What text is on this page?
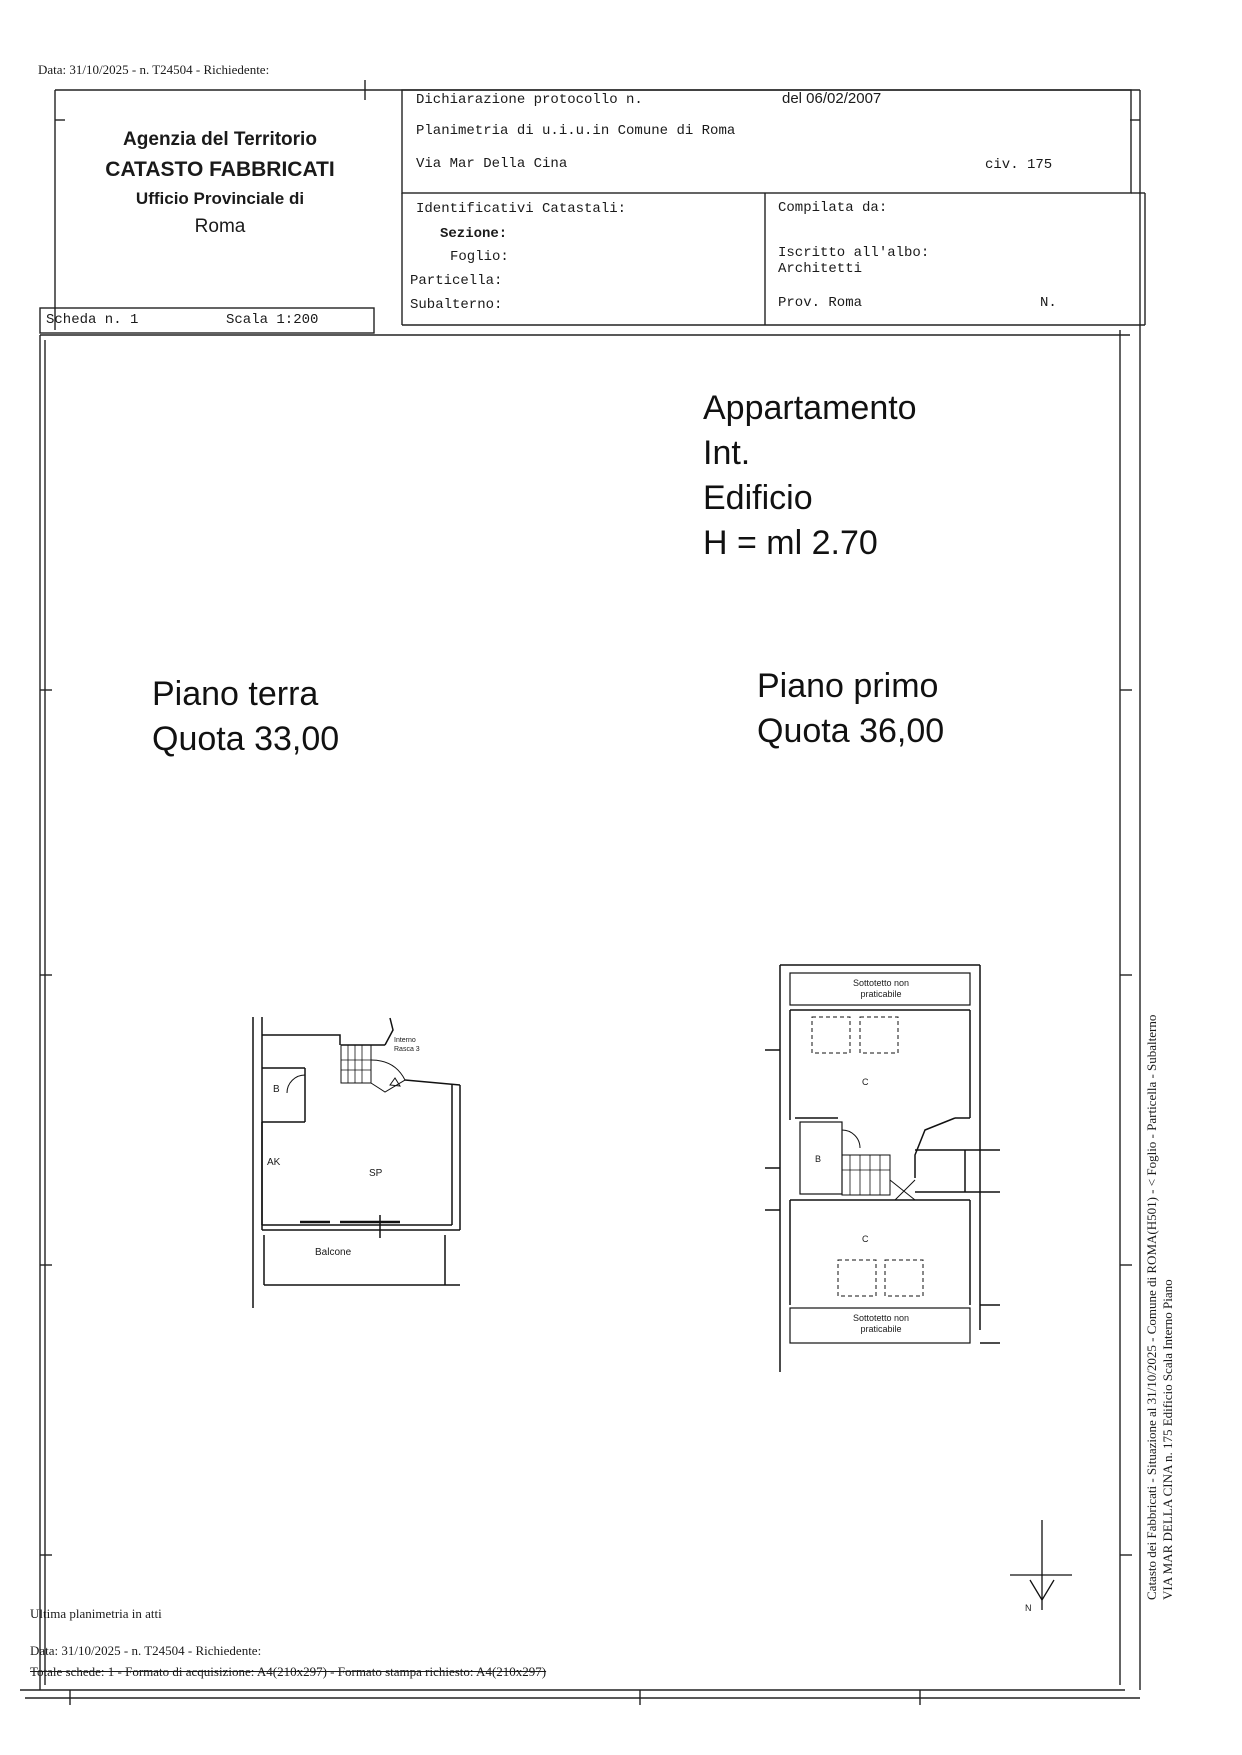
Data: 31/10/2025 - n. T24504 - Richiedente:
Agenzia del Territorio
CATASTO FABBRICATI
Ufficio Provinciale di
Roma
Dichiarazione protocollo n.	del 06/02/2007
Planimetria di u.i.u.in Comune di Roma
Via Mar Della Cina	civ. 175
Identificativi Catastali:
Sezione:
Foglio:
Particella:
Subalterno:
Compilata da:
Iscritto all'albo:
Architetti
Prov. Roma	N.
Scheda n. 1	Scala 1:200
Appartamento
Int.
Edificio
H = ml 2.70
Piano terra
Quota 33,00
Piano primo
Quota 36,00
B
AK
SP
Balcone
Interno
Rasca 3
Sottotetto non
praticabile
C
B
C
Sottotetto non
praticabile
N
Catasto dei Fabbricati - Situazione al 31/10/2025 - Comune di ROMA(H501) - < Foglio - Particella - Subalterno VIA MAR DELLA CINA n. 175 Edificio Scala Interno Piano
Ultima planimetria in atti
Data: 31/10/2025 - n. T24504 - Richiedente:
Totale schede: 1 - Formato di acquisizione: A4(210x297) - Formato stampa richiesto: A4(210x297)
